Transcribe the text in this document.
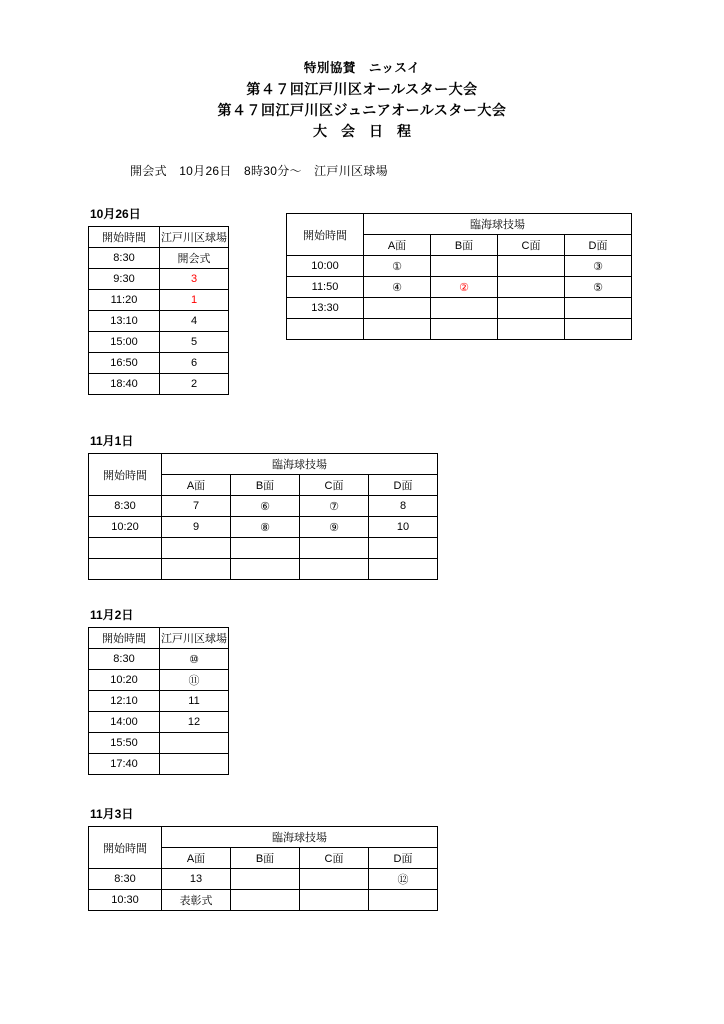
特別協賛　ニッスイ
第４７回江戸川区オールスター大会
第４７回江戸川区ジュニアオールスター大会
大会日程
開会式　10月26日　8時30分～　江戸川区球場
10月26日
開始時間	江戸川区球場
8:30	開会式
9:30	3
11:20	1
13:10	4
15:00	5
16:50	6
18:40	2
開始時間	臨海球技場			
	A面	B面	C面	D面
10:00	①			③
11:50	④	②		⑤
13:30				

11月1日
開始時間	臨海球技場			
	A面	B面	C面	D面
8:30	7	⑥	⑦	8
10:20	9	⑧	⑨	10

11月2日
開始時間	江戸川区球場
8:30	⑩
10:20	⑪
12:10	11
14:00	12
15:50	
17:40	
11月3日
開始時間	臨海球技場			
	A面	B面	C面	D面
8:30	13			⑫
10:30	表彰式			
